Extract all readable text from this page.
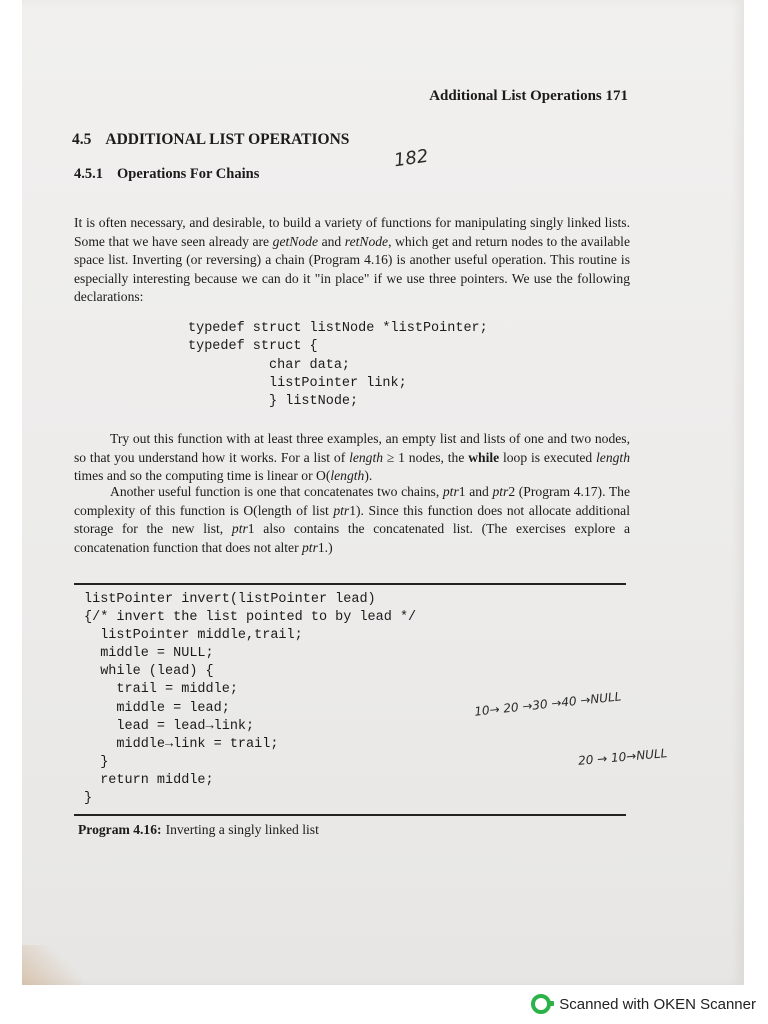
Additional List Operations 171
4.5 ADDITIONAL LIST OPERATIONS
182
4.5.1 Operations For Chains
It is often necessary, and desirable, to build a variety of functions for manipulating singly linked lists. Some that we have seen already are getNode and retNode, which get and return nodes to the available space list. Inverting (or reversing) a chain (Program 4.16) is another useful operation. This routine is especially interesting because we can do it "in place" if we use three pointers. We use the following declarations:
typedef struct listNode *listPointer;
typedef struct {
char data;
listPointer link;
} listNode;
Try out this function with at least three examples, an empty list and lists of one and two nodes, so that you understand how it works. For a list of length ≥ 1 nodes, the while loop is executed length times and so the computing time is linear or O(length).
Another useful function is one that concatenates two chains, ptr1 and ptr2 (Program 4.17). The complexity of this function is O(length of list ptr1). Since this function does not allocate additional storage for the new list, ptr1 also contains the concatenated list. (The exercises explore a concatenation function that does not alter ptr1.)
listPointer invert(listPointer lead)
{/* invert the list pointed to by lead */
listPointer middle,trail;
middle = NULL;
while (lead) {
trail = middle;
middle = lead;
lead = lead→link;
middle→link = trail;
}
return middle;
}
10→ 20 →30 →40 →NULL
20 → 10→NULL
Program 4.16: Inverting a singly linked list
Scanned with OKEN Scanner
